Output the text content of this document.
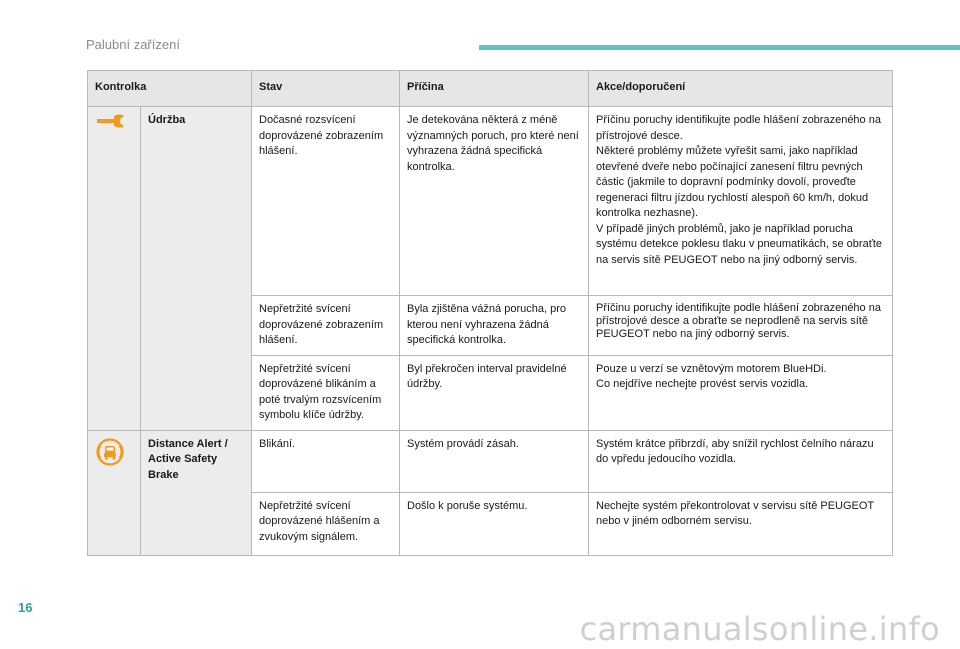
Palubní zařízení
Kontrolka		Stav	Příčina	Akce/doporučení
	Údržba	Dočasné rozsvícení doprovázené zobrazením hlášení.	Je detekována některá z méně významných poruch, pro které není vyhrazena žádná specifická kontrolka.	Příčinu poruchy identifikujte podle hlášení zobrazeného na přístrojové desce.
Některé problémy můžete vyřešit sami, jako například otevřené dveře nebo počínající zanesení filtru pevných částic (jakmile to dopravní podmínky dovolí, proveďte regeneraci filtru jízdou rychlostí alespoň 60 km/h, dokud kontrolka nezhasne).
V případě jiných problémů, jako je například porucha systému detekce poklesu tlaku v pneumatikách, se obraťte na servis sítě PEUGEOT nebo na jiný odborný servis.

		Nepřetržité svícení doprovázené zobrazením hlášení.	Byla zjištěna vážná porucha, pro kterou není vyhrazena žádná specifická kontrolka.	Příčinu poruchy identifikujte podle hlášení zobrazeného na přístrojové desce a obraťte se neprodleně na servis sítě PEUGEOT nebo na jiný odborný servis.
		Nepřetržité svícení doprovázené blikáním a poté trvalým rozsvícením symbolu klíče údržby.	Byl překročen interval pravidelné údržby.	Pouze u verzí se vznětovým motorem BlueHDi.
Co nejdříve nechejte provést servis vozidla.

	Distance Alert / Active Safety Brake	Blikání.	Systém provádí zásah.	Systém krátce přibrzdí, aby snížil rychlost čelního nárazu do vpředu jedoucího vozidla.
		Nepřetržité svícení doprovázené hlášením a zvukovým signálem.	Došlo k poruše systému.	Nechejte systém překontrolovat v servisu sítě PEUGEOT nebo v jiném odborném servisu.
16
carmanualsonline.info
